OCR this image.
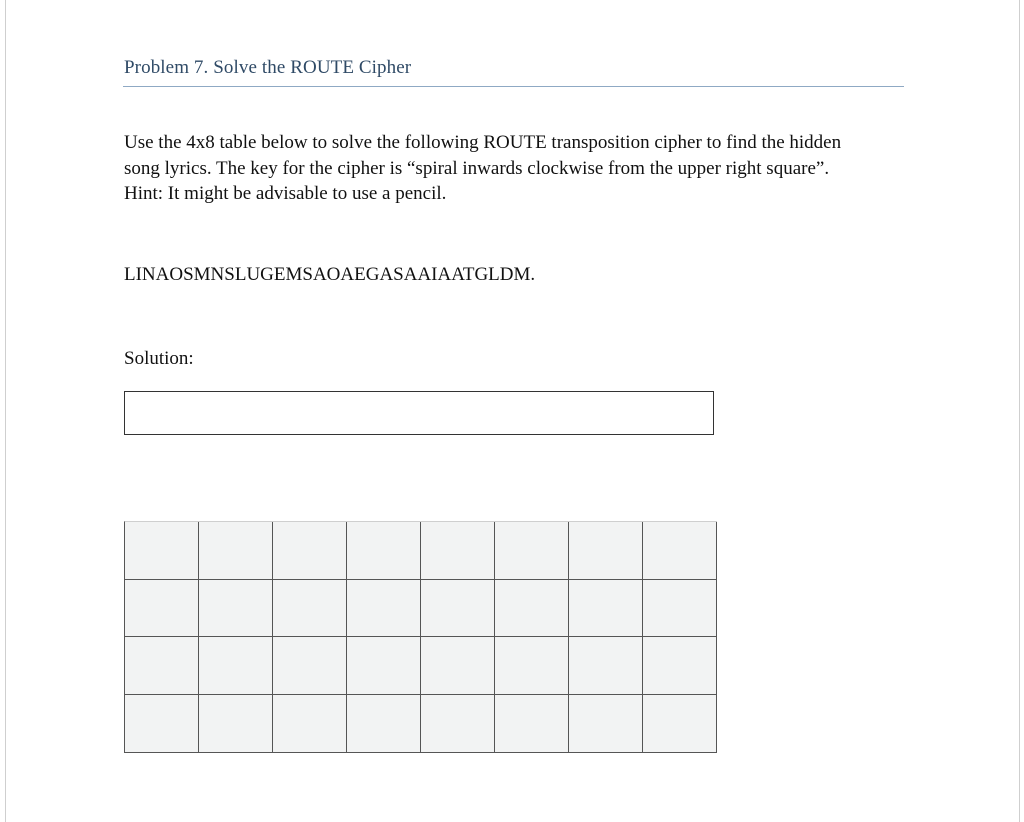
Problem 7. Solve the ROUTE Cipher

Use the 4x8 table below to solve the following ROUTE transposition cipher to find the hidden

song lyrics. The key for the cipher is “spiral inwards clockwise from the upper right square”.

Hint: It might be advisable to use a pencil.

LINAOSMNSLUGEMSAOAEGASAAIAATGLDM.
Solution:
